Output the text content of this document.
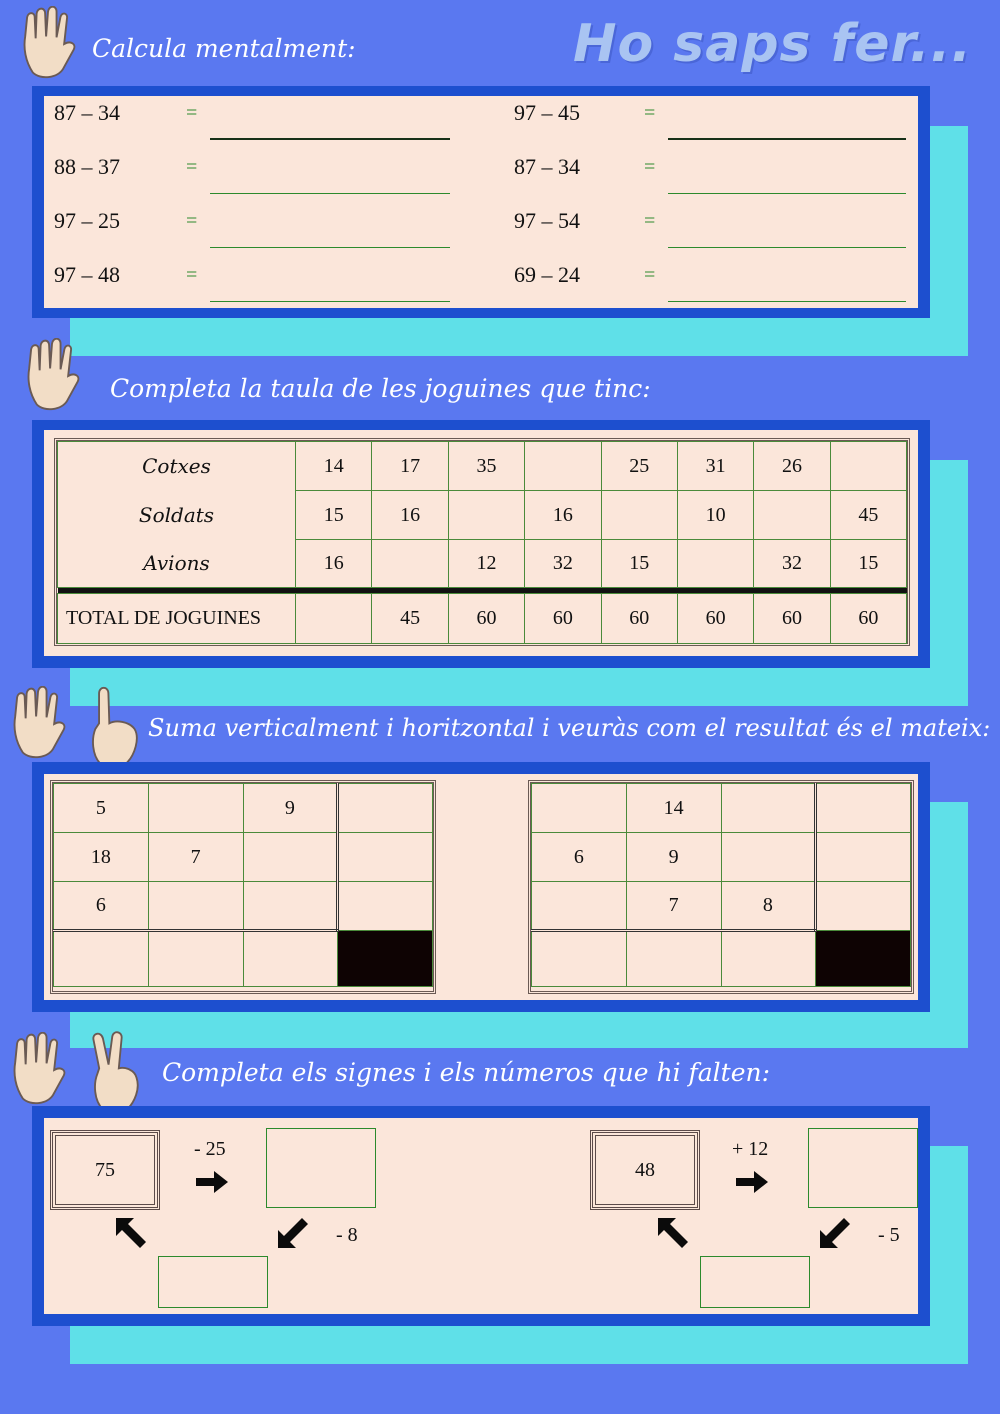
Ho saps fer...
Calcula mentalment:
87 – 34	=
88 – 37	=
97 – 25	=
97 – 48	=
97 – 45	=
87 – 34	=
97 – 54	=
69 – 24	=
Completa la taula de les joguines que tinc:
Cotxes	14	17	35		25	31	26	
Soldats	15	16		16		10		45
Avions	16		12	32	15		32	15

TOTAL DE JOGUINES		45	60	60	60	60	60	60
Suma verticalment i horitzontal i veuràs com el resultat és el mateix:
5		9	
18	7		
6			

	14		
6	9		
	7	8	

Completa els signes i els números que hi falten:
75
- 25
- 8
48
+ 12
- 5
